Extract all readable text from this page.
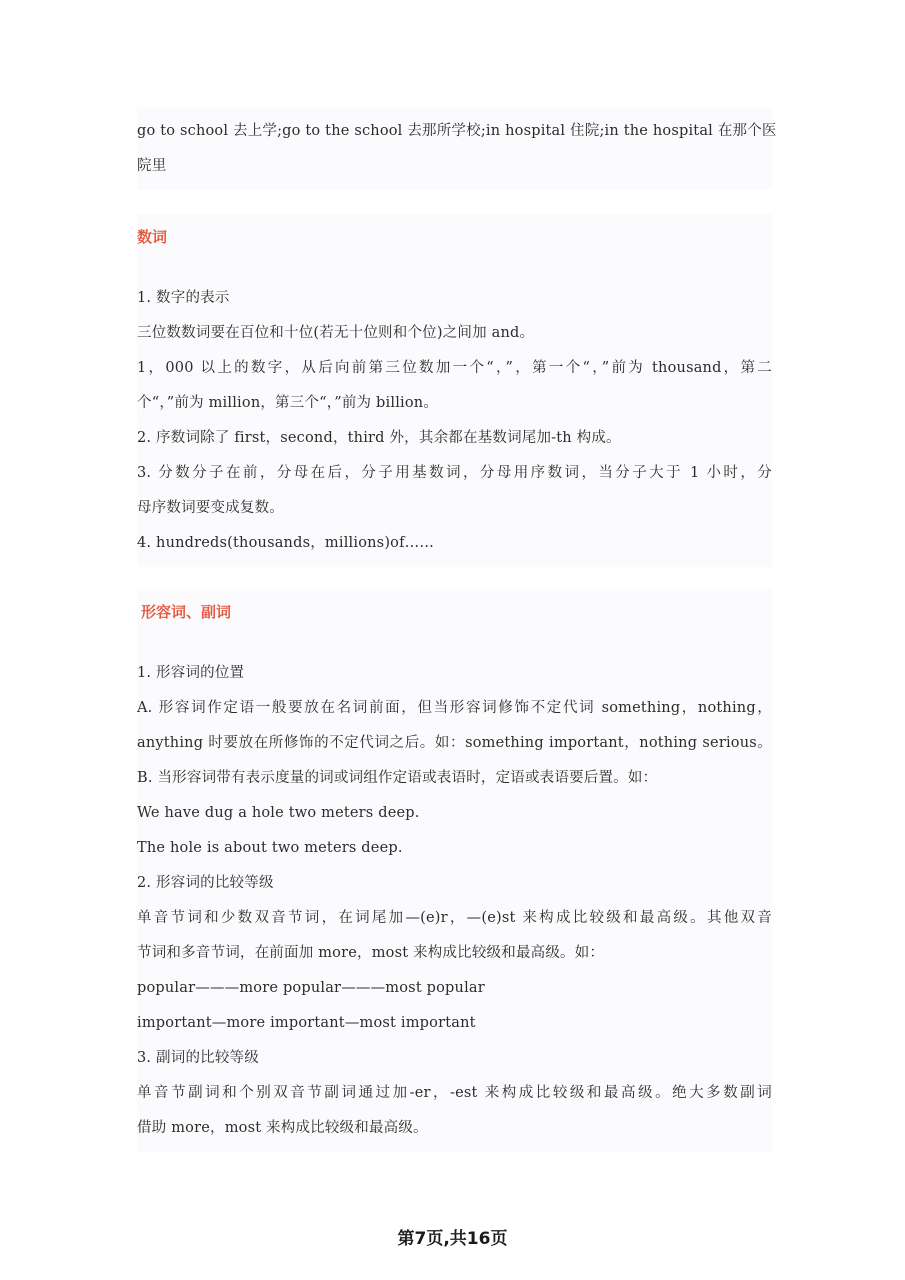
go to school 去上学;go to the school 去那所学校;in hospital 住院;in the hospital 在那个医
院里
数词
1. 数字的表示
三位数数词要在百位和十位(若无十位则和个位)之间加 and。
1，000 以上的数字，从后向前第三位数加一个“，”，第一个“，”前为 thousand，第二
个“，”前为 million，第三个“，”前为 billion。
2. 序数词除了 first，second，third 外，其余都在基数词尾加-th 构成。
3. 分数分子在前，分母在后，分子用基数词，分母用序数词，当分子大于 1 小时，分
母序数词要变成复数。
4. hundreds(thousands，millions)of……
形容词、副词
1. 形容词的位置
A. 形容词作定语一般要放在名词前面，但当形容词修饰不定代词 something，nothing，
anything 时要放在所修饰的不定代词之后。如：something important，nothing serious。
B. 当形容词带有表示度量的词或词组作定语或表语时，定语或表语要后置。如：
We have dug a hole two meters deep.
The hole is about two meters deep.
2. 形容词的比较等级
单音节词和少数双音节词，在词尾加—(e)r，—(e)st 来构成比较级和最高级。其他双音
节词和多音节词，在前面加 more，most 来构成比较级和最高级。如：
popular———more popular———most popular
important—more important—most important
3. 副词的比较等级
单音节副词和个别双音节副词通过加-er，-est 来构成比较级和最高级。绝大多数副词
借助 more，most 来构成比较级和最高级。
第7页,共16页
